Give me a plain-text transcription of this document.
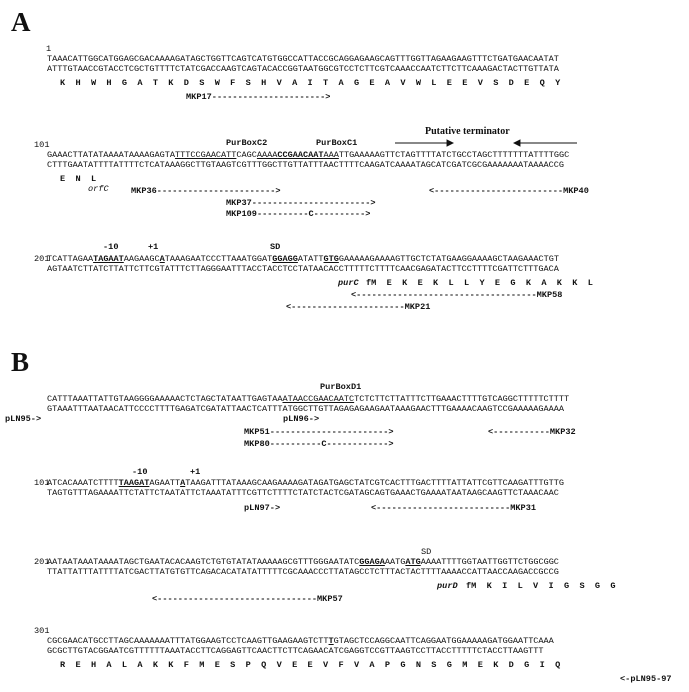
A
1
TAAACATTGGCATGGAGCGACAAAAGATAGCTGGTTCAGTCATGTGGCCATTACCGCAGGAGAAGCAGTTTGGTTAGAAGAAGTTTCTGATGAACAATAT
ATTTGTAACCGTACCTCGCTGTTTTCTATCGACCAAGTCAGTACACCGGTAATGGCGTCCTCTTCGTCAAACCAATCTTCTTCAAAGACTACTTGTTATA
K  H  W  H  G  A  T  K  D  S  W  F  S  H  V  A  I  T  A  G  E  A  V  W  L  E  E  V  S  D  E  Q  Y
MKP17---------------------->
PurBoxC2	PurBoxC1
Putative terminator
101
GAAACTTATATAAAATAAAAGAGTATTTCCGAACATTCAGCAAAACCGAACAATAAATTGAAAAAGTTCTAGTTTTATCTGCCTAGCTTTTTTTATTTTGGC
CTTTGAATATTTTATTTTCTCATAAAGGCTTGTAAGTCGTTTGGCTTGTTATTTAACTTTTCAAGATCAAAATAGCATCGATCGCGAAAAAAATAAAACCG
E  N  L
orfC	MKP36----------------------->	<-------------------------MKP40
MKP37----------------------->
MKP109----------C---------->
-10	+1	SD
201
TCATTAGAATAGAATAAGAAGCATAAAGAATCCCTTAAATGGATGGAGGATATTGTGGAAAAAGAAAAGTTGCTCTATGAAGGAAAAGCTAAGAAACTGT
AGTAATCTTATCTTATTCTTCGTATTTCTTAGGGAATTTACCTACCTCCTATAACACCTTTTTCTTTTCAACGAGATACTTCCTTTTCGATTCTTTGACA
purC fM  E  K  E  K  L  L  Y  E  G  K  A  K  K  L
<-----------------------------------MKP58
<----------------------MKP21
B
PurBoxD1
CATTTAAATTATTGTAAGGGGAAAAACTCTAGCTATAATTGAGTAAATAACCGAACAATCTCTCTTCTTATTTCTTGAAACTTTTGTCAGGCTTTTTCTTTT
GTAAATTTAATAACATTCCCCTTTTGAGATCGATATTAACTCATTTATGGCTTGTTAGAGAGAAGAATAAAGAACTTTGAAAACAAGTCCGAAAAAGAAAA
pLN95->	pLN96->
MKP51----------------------->	<-----------MKP32
MKP80----------C------------>
-10	+1
101
ATCACAAATCTTTTTAAGATAGAATTATAAGATTTATAAAGCAAGAAAAGATAGATGAGCTATCGTCACTTTGACTTTTATTATTCGTTCAAGATTTGTTG
TAGTGTTTAGAAAATTCTATTCTAATATTCTAAATATTTCGTTCTTTTCTATCTACTCGATAGCAGTGAAACTGAAAATAATAAGCAAGTTCTAAACAAC
pLN97->	<--------------------------MKP31
SD
201
AATAATAAATAAAATAGCTGAATACACAAGTCTGTGTATATAAAAAGCGTTTGGGAATATCGGAGAAATGATGAAAATTTTGGTAATTGGTTCTGGCGGC
TTATTATTTATTTTATCGACTTATGTGTTCAGACACATATATTTTTCGCAAACCCTTATAGCCTCTTTACTACTTTTAAAACCATTAACCAAGACCGCCG
purD fM  K  I  L  V  I  G  S  G  G
<-------------------------------MKP57
301
CGCGAACATGCCTTAGCAAAAAAATTTATGGAAGTCCTCAAGTTGAAGAAGTCTTTGTAGCTCCAGGCAATTCAGGAATGGAAAAAGATGGAATTCAAA
GCGCTTGTACGGAATCGTTTTTTAAATACCTTCAGGAGTTCAACTTCTTCAGAACATCGAGGTCCGTTAAGTCCTTACCTTTTTCTACCTTAAGTTT
R  E  H  A  L  A  K  K  F  M  E  S  P  Q  V  E  E  V  F  V  A  P  G  N  S  G  M  E  K  D  G  I  Q
<-pLN95-97
